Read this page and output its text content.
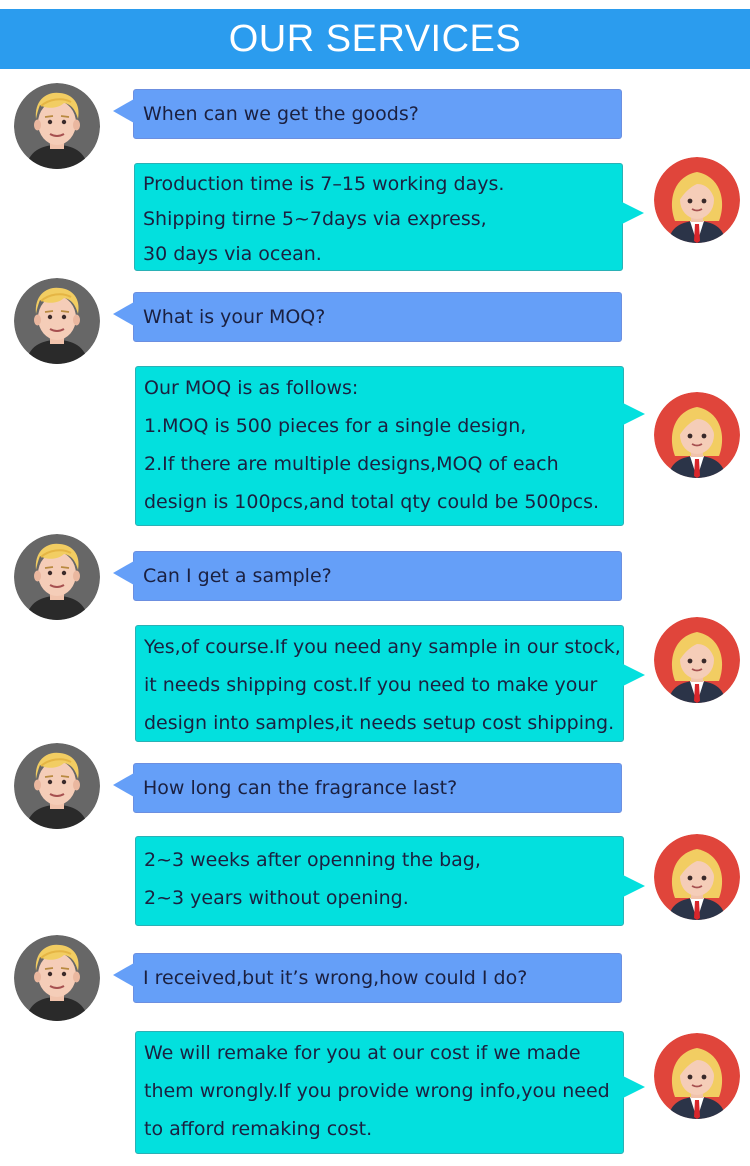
OUR SERVICES
When can we get the goods?
Production time is 7–15 working days.
Shipping tirne 5~7days via express,
30 days via ocean.
What is your MOQ?
Our MOQ is as follows:
1.MOQ is 500 pieces for a single design,
2.If there are multiple designs,MOQ of each
design is 100pcs,and total qty could be 500pcs.
Can I get a sample?
Yes,of course.If you need any sample in our stock,
it needs shipping cost.If you need to make your
design into samples,it needs setup cost shipping.
How long can the fragrance last?
2~3 weeks after openning the bag,
2~3 years without opening.
I received,but it’s wrong,how could I do?
We will remake for you at our cost if we made
them wrongly.If you provide wrong info,you need
to afford remaking cost.
